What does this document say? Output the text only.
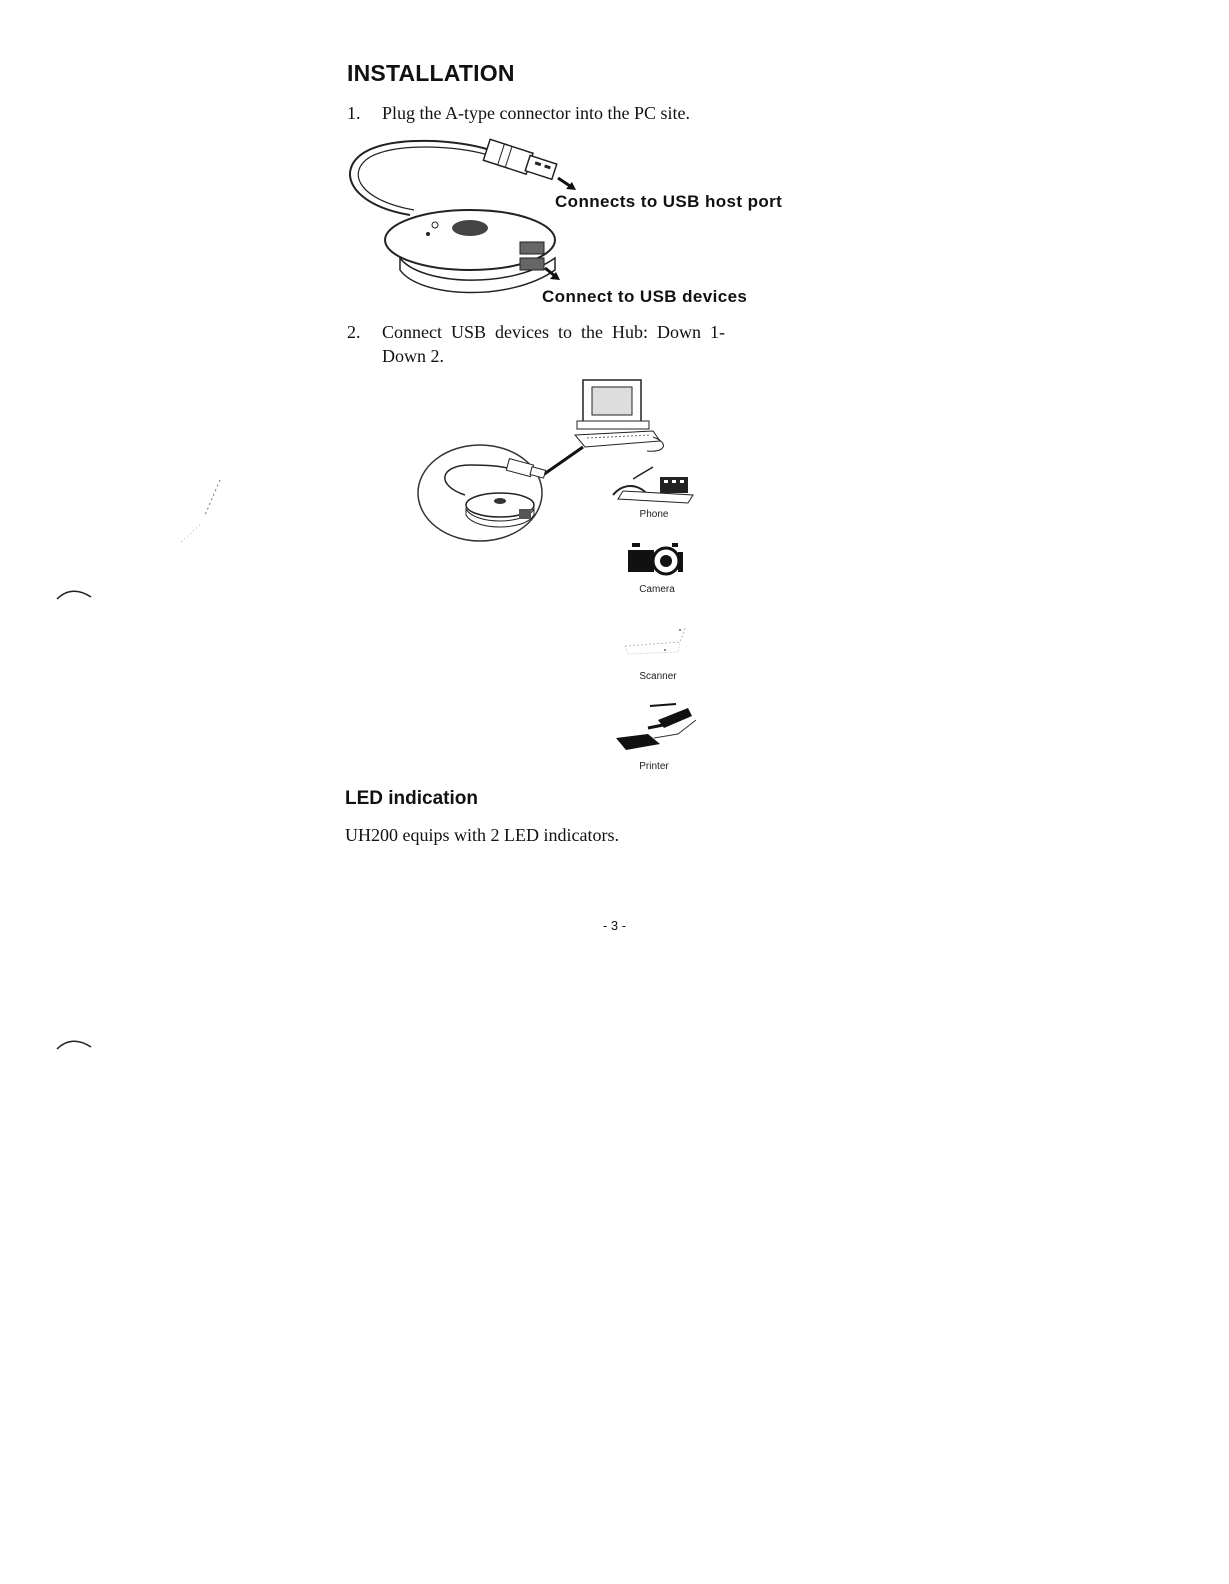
INSTALLATION
1. Plug the A-type connector into the PC site.
Connects to USB host port
Connect to USB devices
2.	Connect  USB  devices  to  the  Hub:  Down  1-
Down 2.
Phone
Camera
Scanner
Printer
LED indication
UH200 equips with 2 LED indicators.
- 3 -
